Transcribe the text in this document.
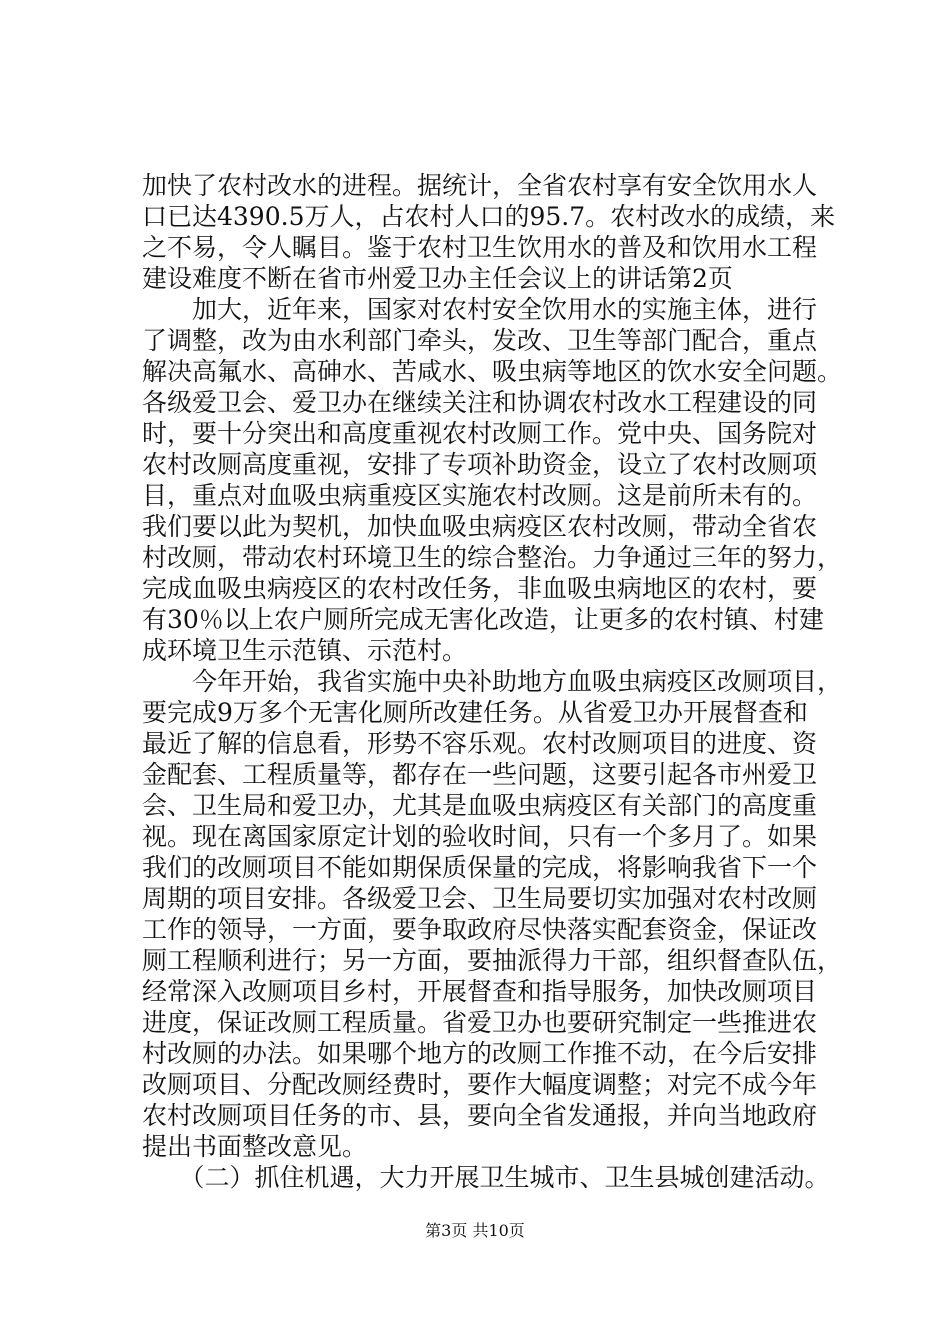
加快了农村改水的进程。据统计，全省农村享有安全饮用水人
口已达4390.5万人，占农村人口的95.7。农村改水的成绩，来
之不易，令人瞩目。鉴于农村卫生饮用水的普及和饮用水工程
建设难度不断在省市州爱卫办主任会议上的讲话第2页
　　加大，近年来，国家对农村安全饮用水的实施主体，进行
了调整，改为由水利部门牵头，发改、卫生等部门配合，重点
解决高氟水、高砷水、苦咸水、吸虫病等地区的饮水安全问题。
各级爱卫会、爱卫办在继续关注和协调农村改水工程建设的同
时，要十分突出和高度重视农村改厕工作。党中央、国务院对
农村改厕高度重视，安排了专项补助资金，设立了农村改厕项
目，重点对血吸虫病重疫区实施农村改厕。这是前所未有的。
我们要以此为契机，加快血吸虫病疫区农村改厕，带动全省农
村改厕，带动农村环境卫生的综合整治。力争通过三年的努力，
完成血吸虫病疫区的农村改任务，非血吸虫病地区的农村，要
有30％以上农户厕所完成无害化改造，让更多的农村镇、村建
成环境卫生示范镇、示范村。
　　今年开始，我省实施中央补助地方血吸虫病疫区改厕项目，
要完成9万多个无害化厕所改建任务。从省爱卫办开展督查和
最近了解的信息看，形势不容乐观。农村改厕项目的进度、资
金配套、工程质量等，都存在一些问题，这要引起各市州爱卫
会、卫生局和爱卫办，尤其是血吸虫病疫区有关部门的高度重
视。现在离国家原定计划的验收时间，只有一个多月了。如果
我们的改厕项目不能如期保质保量的完成，将影响我省下一个
周期的项目安排。各级爱卫会、卫生局要切实加强对农村改厕
工作的领导，一方面，要争取政府尽快落实配套资金，保证改
厕工程顺利进行；另一方面，要抽派得力干部，组织督查队伍，
经常深入改厕项目乡村，开展督查和指导服务，加快改厕项目
进度，保证改厕工程质量。省爱卫办也要研究制定一些推进农
村改厕的办法。如果哪个地方的改厕工作推不动，在今后安排
改厕项目、分配改厕经费时，要作大幅度调整；对完不成今年
农村改厕项目任务的市、县，要向全省发通报，并向当地政府
提出书面整改意见。
　　（二）抓住机遇，大力开展卫生城市、卫生县城创建活动。
第3页 共10页
